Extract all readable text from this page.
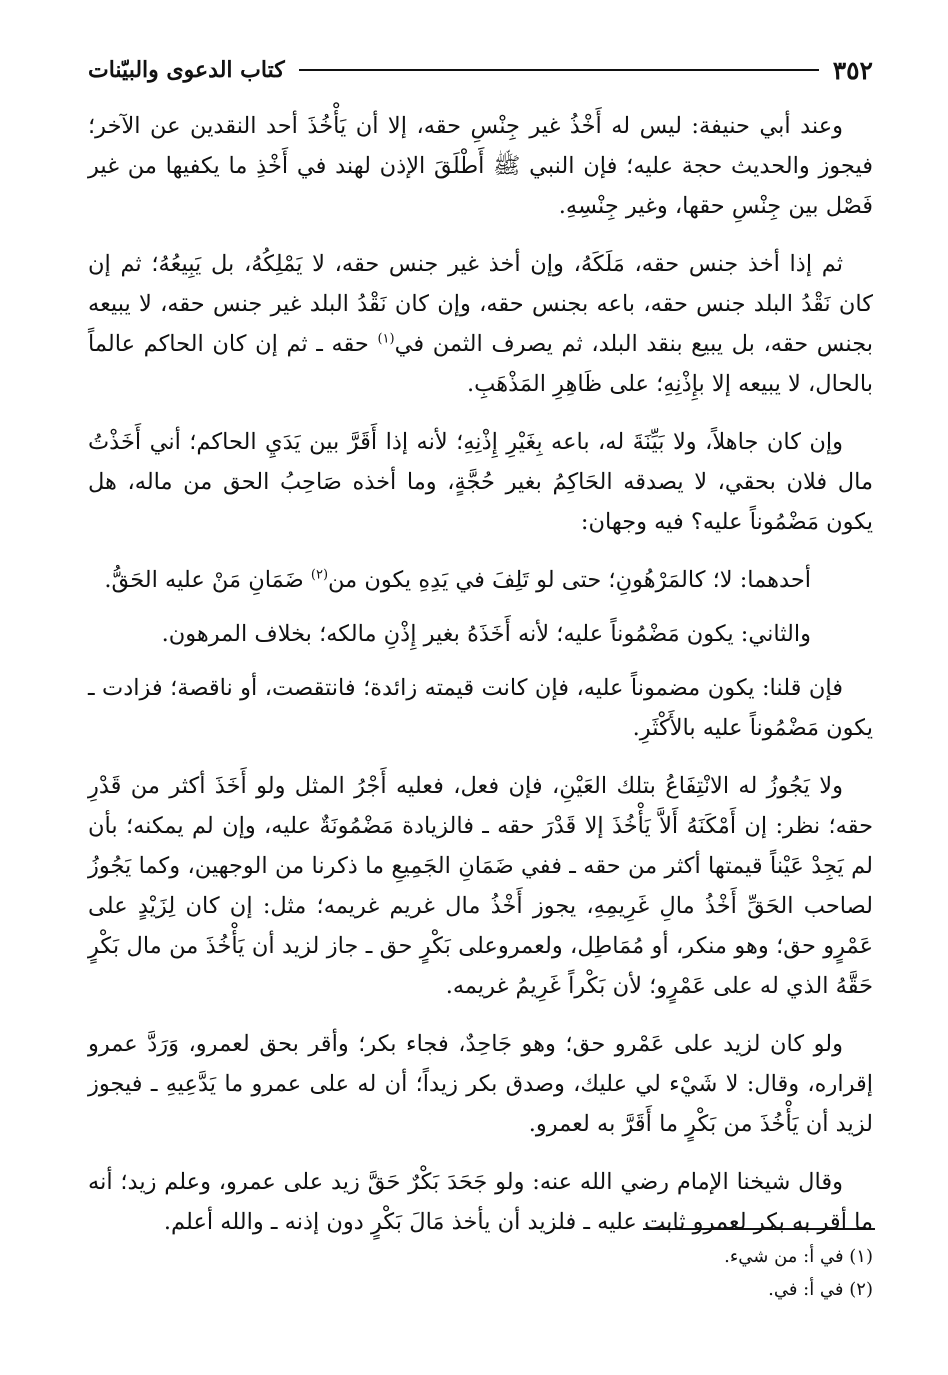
٣٥٢
كتاب الدعوى والبيّنات

وعند أبي حنيفة: ليس له أَخْذُ غير جِنْسِ حقه، إلا أن يَأْخُذَ أحد النقدين عن الآخر؛ فيجوز والحديث حجة عليه؛ فإن النبي ﷺ أَطْلَقَ الإذن لهند في أَخْذِ ما يكفيها من غير فَصْل بين جِنْسِ حقها، وغير جِنْسِهِ.

ثم إذا أخذ جنس حقه، مَلَكَهُ، وإن أخذ غير جنس حقه، لا يَمْلِكُهُ، بل يَبِيعُهُ؛ ثم إن كان نَقْدُ البلد جنس حقه، باعه بجنس حقه، وإن كان نَقْدُ البلد غير جنس حقه، لا يبيعه بجنس حقه، بل يبيع بنقد البلد، ثم يصرف الثمن في$^{(١)}$ حقه ـ ثم إن كان الحاكم عالماً بالحال، لا يبيعه إلا بإِذْنِهِ؛ على ظَاهِرِ المَذْهَبِ.

وإن كان جاهلاً، ولا بَيِّنَةَ له، باعه بِغَيْرِ إِذْنِهِ؛ لأنه إذا أَقَرَّ بين يَدَيِ الحاكم؛ أني أَخَذْتُ مال فلان بحقي، لا يصدقه الحَاكِمُ بغير حُجَّةٍ، وما أخذه صَاحِبُ الحق من ماله، هل يكون مَضْمُوناً عليه؟ فيه وجهان:

أحدهما: لا؛ كالمَرْهُونِ؛ حتى لو تَلِفَ في يَدِهِ يكون من$^{(٢)}$ ضَمَانِ مَنْ عليه الحَقُّ.

والثاني: يكون مَضْمُوناً عليه؛ لأنه أَخَذَهُ بغير إِذْنِ مالكه؛ بخلاف المرهون.

فإن قلنا: يكون مضموناً عليه، فإن كانت قيمته زائدة؛ فانتقصت، أو ناقصة؛ فزادت ـ يكون مَضْمُوناً عليه بالأَكْثَرِ.

ولا يَجُوزُ له الانْتِفَاعُ بتلك العَيْنِ، فإن فعل، فعليه أَجْرُ المثل ولو أَخَذَ أكثر من قَدْرِ حقه؛ نظر: إن أَمْكَنَهُ أَلاَّ يَأْخُذَ إلا قَدْرَ حقه ـ فالزيادة مَضْمُونَةٌ عليه، وإن لم يمكنه؛ بأن لم يَجِدْ عَيْناً قيمتها أكثر من حقه ـ ففي ضَمَانِ الجَمِيعِ ما ذكرنا من الوجهين، وكما يَجُوزُ لصاحب الحَقِّ أَخْذُ مالِ غَرِيمِهِ، يجوز أَخْذُ مال غريم غريمه؛ مثل: إن كان لِزَيْدٍ على عَمْرٍو حق؛ وهو منكر، أو مُمَاطِل، ولعمروعلى بَكْرٍ حق ـ جاز لزيد أن يَأْخُذَ من مال بَكْرٍ حَقَّهُ الذي له على عَمْرٍو؛ لأن بَكْراً غَرِيمُ غريمه.

ولو كان لزيد على عَمْرو حق؛ وهو جَاحِدٌ، فجاء بكر؛ وأقر بحق لعمرو، وَرَدَّ عمرو إقراره، وقال: لا شَيْء لي عليك، وصدق بكر زيداً؛ أن له على عمرو ما يَدَّعِيهِ ـ فيجوز لزيد أن يَأْخُذَ من بَكْرٍ ما أَقَرَّ به لعمرو.

وقال شيخنا الإمام رضي الله عنه: ولو جَحَدَ بَكْرٌ حَقَّ زيد على عمرو، وعلم زيد؛ أنه ما أقر به بكر لعمرو ثابت عليه ـ فلزيد أن يأخذ مَالَ بَكْرٍ دون إذنه ـ والله أعلم.

(١) في أ: من شيء.
(٢) في أ: في.
